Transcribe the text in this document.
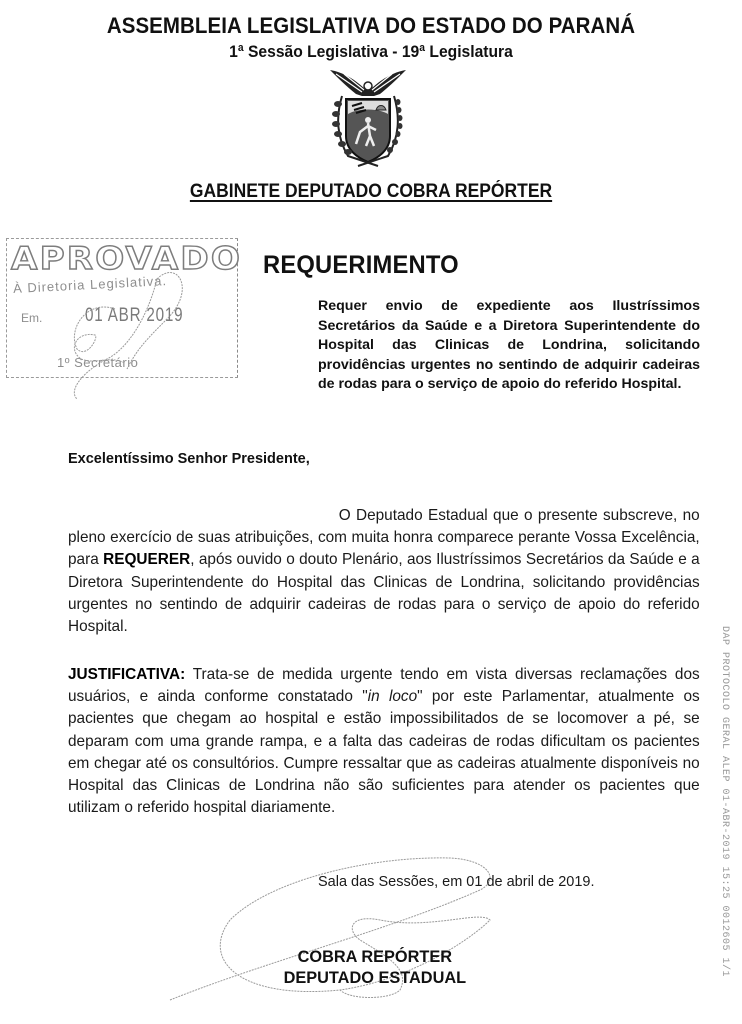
ASSEMBLEIA LEGISLATIVA DO ESTADO DO PARANÁ
1ª Sessão Legislativa - 19ª Legislatura
GABINETE DEPUTADO COBRA REPÓRTER
APROVADO
À Diretoria Legislativa.
Em. 01 ABR 2019
1º Secretário
REQUERIMENTO
Requer envio de expediente aos Ilustríssimos Secretários da Saúde e a Diretora Superintendente do Hospital das Clinicas de Londrina, solicitando providências urgentes no sentindo de adquirir cadeiras de rodas para o serviço de apoio do referido Hospital.
Excelentíssimo Senhor Presidente,
O Deputado Estadual que o presente subscreve, no pleno exercício de suas atribuições, com muita honra comparece perante Vossa Excelência, para REQUERER, após ouvido o douto Plenário, aos Ilustríssimos Secretários da Saúde e a Diretora Superintendente do Hospital das Clinicas de Londrina, solicitando providências urgentes no sentindo de adquirir cadeiras de rodas para o serviço de apoio do referido Hospital.
JUSTIFICATIVA: Trata-se de medida urgente tendo em vista diversas reclamações dos usuários, e ainda conforme constatado "in loco" por este Parlamentar, atualmente os pacientes que chegam ao hospital e estão impossibilitados de se locomover a pé, se deparam com uma grande rampa, e a falta das cadeiras de rodas dificultam os pacientes em chegar até os consultórios. Cumpre ressaltar que as cadeiras atualmente disponíveis no Hospital das Clinicas de Londrina não são suficientes para atender os pacientes que utilizam o referido hospital diariamente.
Sala das Sessões, em 01 de abril de 2019.
COBRA REPÓRTER
DEPUTADO ESTADUAL
DAP PROTOCOLO GERAL ALEP 01-ABR-2019 15:25 0012605 1/1
